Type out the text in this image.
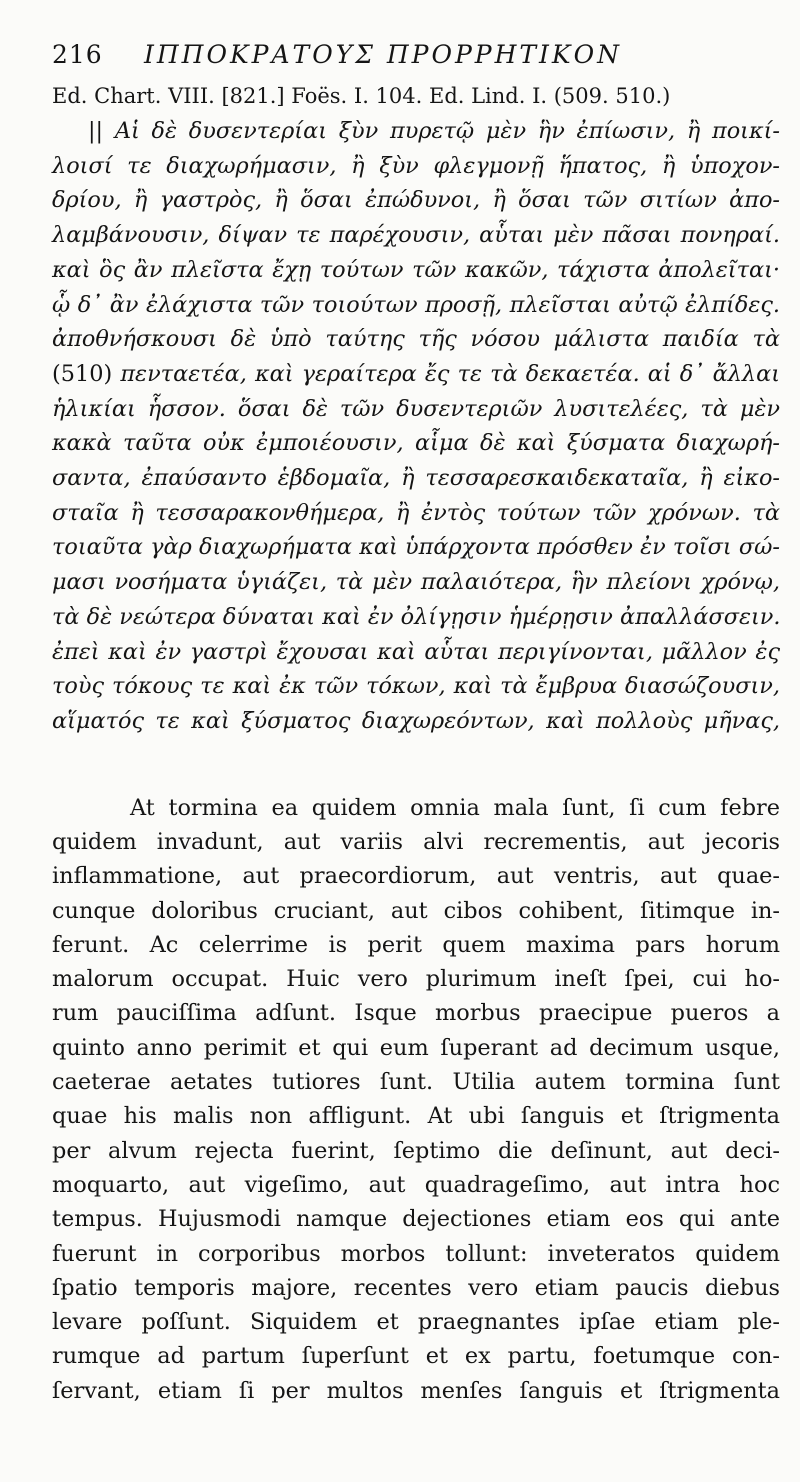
216	ΙΠΠΟΚΡΑΤΟΥΣ ΠΡΟΡΡΗΤΙΚΟΝ
Ed. Chart. VIII. [821.] Foës. I. 104. Ed. Lind. I. (509. 510.)
|| Αἱ δὲ δυσεντερίαι ξὺν πυρετῷ μὲν ἣν ἐπίωσιν, ἢ ποικί-
λοισί τε διαχωρήμασιν, ἢ ξὺν φλεγμονῇ ἥπατος, ἢ ὑποχον-
δρίου, ἢ γαστρὸς, ἢ ὅσαι ἐπώδυνοι, ἢ ὅσαι τῶν σιτίων ἀπο-
λαμβάνουσιν, δίψαν τε παρέχουσιν, αὗται μὲν πᾶσαι πονηραί.
καὶ ὃς ἂν πλεῖστα ἔχῃ τούτων τῶν κακῶν, τάχιστα ἀπολεῖται·
ᾧ δ᾽ ἂν ἐλάχιστα τῶν τοιούτων προσῇ, πλεῖσται αὐτῷ ἐλπίδες.
ἀποθνήσκουσι δὲ ὑπὸ ταύτης τῆς νόσου μάλιστα παιδία τὰ
(510) πενταετέα, καὶ γεραίτερα ἔς τε τὰ δεκαετέα. αἱ δ᾽ ἄλλαι
ἡλικίαι ἧσσον. ὅσαι δὲ τῶν δυσεντεριῶν λυσιτελέες, τὰ μὲν
κακὰ ταῦτα οὐκ ἐμποιέουσιν, αἷμα δὲ καὶ ξύσματα διαχωρή-
σαντα, ἐπαύσαντο ἑβδομαῖα, ἢ τεσσαρεσκαιδεκαταῖα, ἢ εἰκο-
σταῖα ἢ τεσσαρακονθήμερα, ἢ ἐντὸς τούτων τῶν χρόνων. τὰ
τοιαῦτα γὰρ διαχωρήματα καὶ ὑπάρχοντα πρόσθεν ἐν τοῖσι σώ-
μασι νοσήματα ὑγιάζει, τὰ μὲν παλαιότερα, ἣν πλείονι χρόνῳ,
τὰ δὲ νεώτερα δύναται καὶ ἐν ὀλίγῃσιν ἡμέρῃσιν ἀπαλλάσσειν.
ἐπεὶ καὶ ἐν γαστρὶ ἔχουσαι καὶ αὗται περιγίνονται, μᾶλλον ἐς
τοὺς τόκους τε καὶ ἐκ τῶν τόκων, καὶ τὰ ἔμβρυα διασώζουσιν,
αἵματός τε καὶ ξύσματος διαχωρεόντων, καὶ πολλοὺς μῆνας,
At tormina ea quidem omnia mala ſunt, ſi cum febre
quidem invadunt, aut variis alvi recrementis, aut jecoris
inflammatione, aut praecordiorum, aut ventris, aut quae-
cunque doloribus cruciant, aut cibos cohibent, ſitimque in-
ferunt. Ac celerrime is perit quem maxima pars horum
malorum occupat. Huic vero plurimum ineſt ſpei, cui ho-
rum pauciſſima adſunt. Isque morbus praecipue pueros a
quinto anno perimit et qui eum ſuperant ad decimum usque,
caeterae aetates tutiores ſunt. Utilia autem tormina ſunt
quae his malis non affligunt. At ubi ſanguis et ſtrigmenta
per alvum rejecta fuerint, ſeptimo die deſinunt, aut deci-
moquarto, aut vigeſimo, aut quadrageſimo, aut intra hoc
tempus. Hujusmodi namque dejectiones etiam eos qui ante
fuerunt in corporibus morbos tollunt: inveteratos quidem
ſpatio temporis majore, recentes vero etiam paucis diebus
levare poſſunt. Siquidem et praegnantes ipſae etiam ple-
rumque ad partum ſuperſunt et ex partu, foetumque con-
ſervant, etiam ſi per multos menſes ſanguis et ſtrigmenta
